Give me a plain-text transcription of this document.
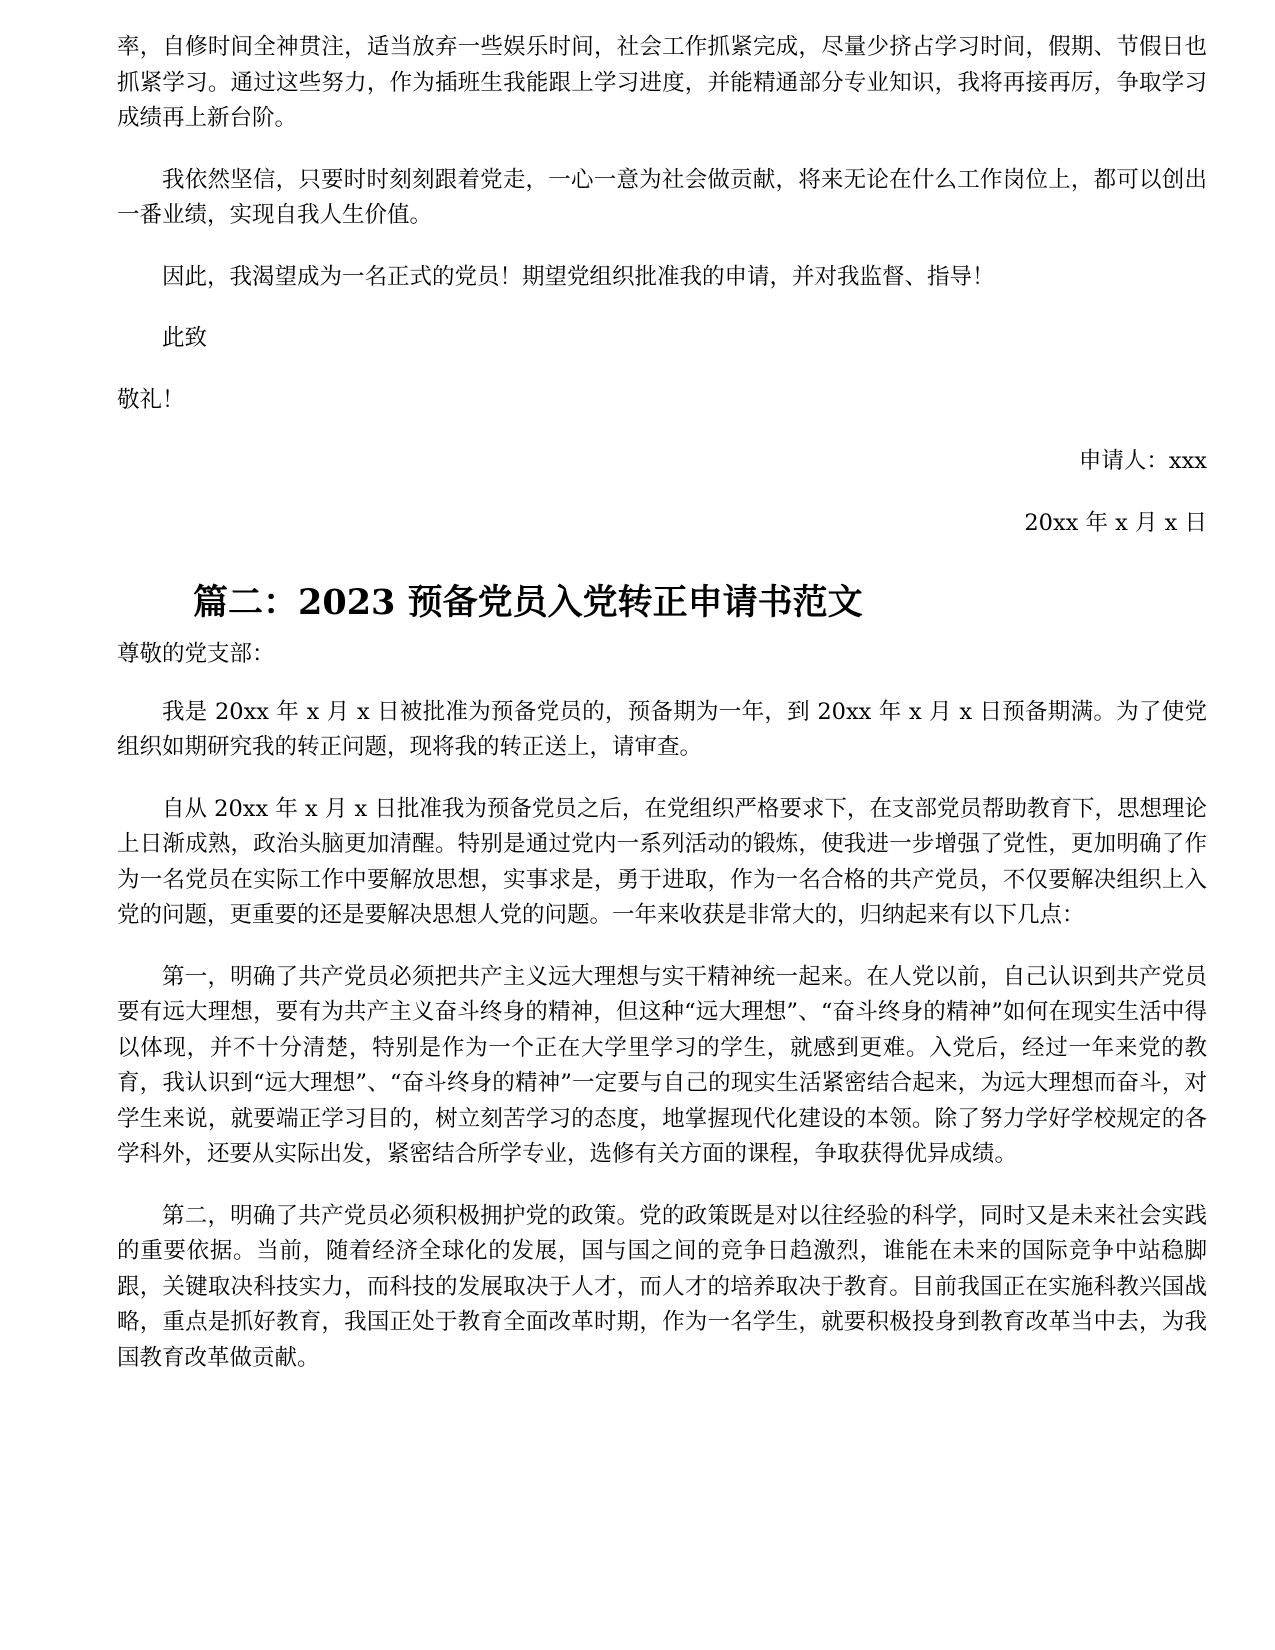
率，自修时间全神贯注，适当放弃一些娱乐时间，社会工作抓紧完成，尽量少挤占学习时间，假期、节假日也抓紧学习。通过这些努力，作为插班生我能跟上学习进度，并能精通部分专业知识，我将再接再厉，争取学习成绩再上新台阶。

我依然坚信，只要时时刻刻跟着党走，一心一意为社会做贡献，将来无论在什么工作岗位上，都可以创出一番业绩，实现自我人生价值。

因此，我渴望成为一名正式的党员！期望党组织批准我的申请，并对我监督、指导！

此致

敬礼！

申请人：xxx

20xx 年 x 月 x 日

篇二：2023 预备党员入党转正申请书范文

尊敬的党支部：

我是 20xx 年 x 月 x 日被批准为预备党员的，预备期为一年，到 20xx 年 x 月 x 日预备期满。为了使党组织如期研究我的转正问题，现将我的转正送上，请审查。

自从 20xx 年 x 月 x 日批准我为预备党员之后，在党组织严格要求下，在支部党员帮助教育下，思想理论上日渐成熟，政治头脑更加清醒。特别是通过党内一系列活动的锻炼，使我进一步增强了党性，更加明确了作为一名党员在实际工作中要解放思想，实事求是，勇于进取，作为一名合格的共产党员，不仅要解决组织上入党的问题，更重要的还是要解决思想人党的问题。一年来收获是非常大的，归纳起来有以下几点：

第一，明确了共产党员必须把共产主义远大理想与实干精神统一起来。在人党以前，自己认识到共产党员要有远大理想，要有为共产主义奋斗终身的精神，但这种“远大理想”、“奋斗终身的精神”如何在现实生活中得以体现，并不十分清楚，特别是作为一个正在大学里学习的学生，就感到更难。入党后，经过一年来党的教育，我认识到“远大理想”、“奋斗终身的精神”一定要与自己的现实生活紧密结合起来，为远大理想而奋斗，对学生来说，就要端正学习目的，树立刻苦学习的态度，地掌握现代化建设的本领。除了努力学好学校规定的各学科外，还要从实际出发，紧密结合所学专业，选修有关方面的课程，争取获得优异成绩。

第二，明确了共产党员必须积极拥护党的政策。党的政策既是对以往经验的科学，同时又是未来社会实践的重要依据。当前，随着经济全球化的发展，国与国之间的竞争日趋激烈，谁能在未来的国际竞争中站稳脚跟，关键取决科技实力，而科技的发展取决于人才，而人才的培养取决于教育。目前我国正在实施科教兴国战略，重点是抓好教育，我国正处于教育全面改革时期，作为一名学生，就要积极投身到教育改革当中去，为我国教育改革做贡献。
